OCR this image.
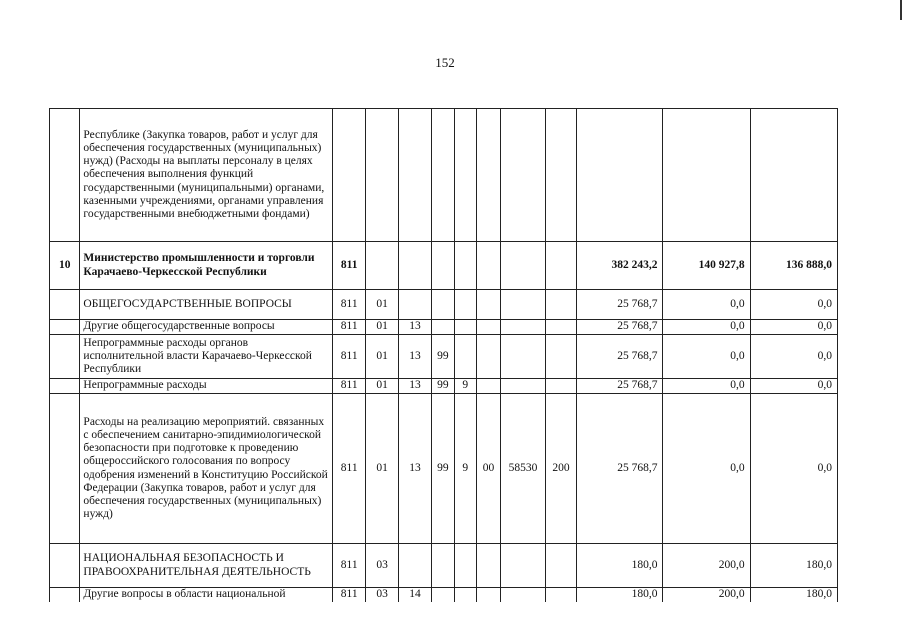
152
	Республике (Закупка товаров, работ и услуг для обеспечения государственных (муниципальных) нужд) (Расходы на выплаты персоналу в целях обеспечения выполнения функций государственными (муниципальными) органами, казенными учреждениями, органами управления государственными внебюджетными фондами)											
10	Министерство промышленности и торговли Карачаево-Черкесской Республики	811								382 243,2	140 927,8	136 888,0
	ОБЩЕГОСУДАРСТВЕННЫЕ ВОПРОСЫ	811	01							25 768,7	0,0	0,0
	Другие общегосударственные вопросы	811	01	13						25 768,7	0,0	0,0
	Непрограммные расходы органов исполнительной власти Карачаево-Черкесской Республики	811	01	13	99					25 768,7	0,0	0,0
	Непрограммные расходы	811	01	13	99	9				25 768,7	0,0	0,0
	Расходы на реализацию мероприятий. связанных с обеспечением санитарно-эпидимиологической безопасности при подготовке к проведению общероссийского голосования по вопросу одобрения изменений в Конституцию Российской Федерации (Закупка товаров, работ и услуг для обеспечения государственных (муниципальных) нужд)	811	01	13	99	9	00	58530	200	25 768,7	0,0	0,0
	НАЦИОНАЛЬНАЯ БЕЗОПАСНОСТЬ И ПРАВООХРАНИТЕЛЬНАЯ ДЕЯТЕЛЬНОСТЬ	811	03							180,0	200,0	180,0
	Другие вопросы в области национальной	811	03	14						180,0	200,0	180,0
